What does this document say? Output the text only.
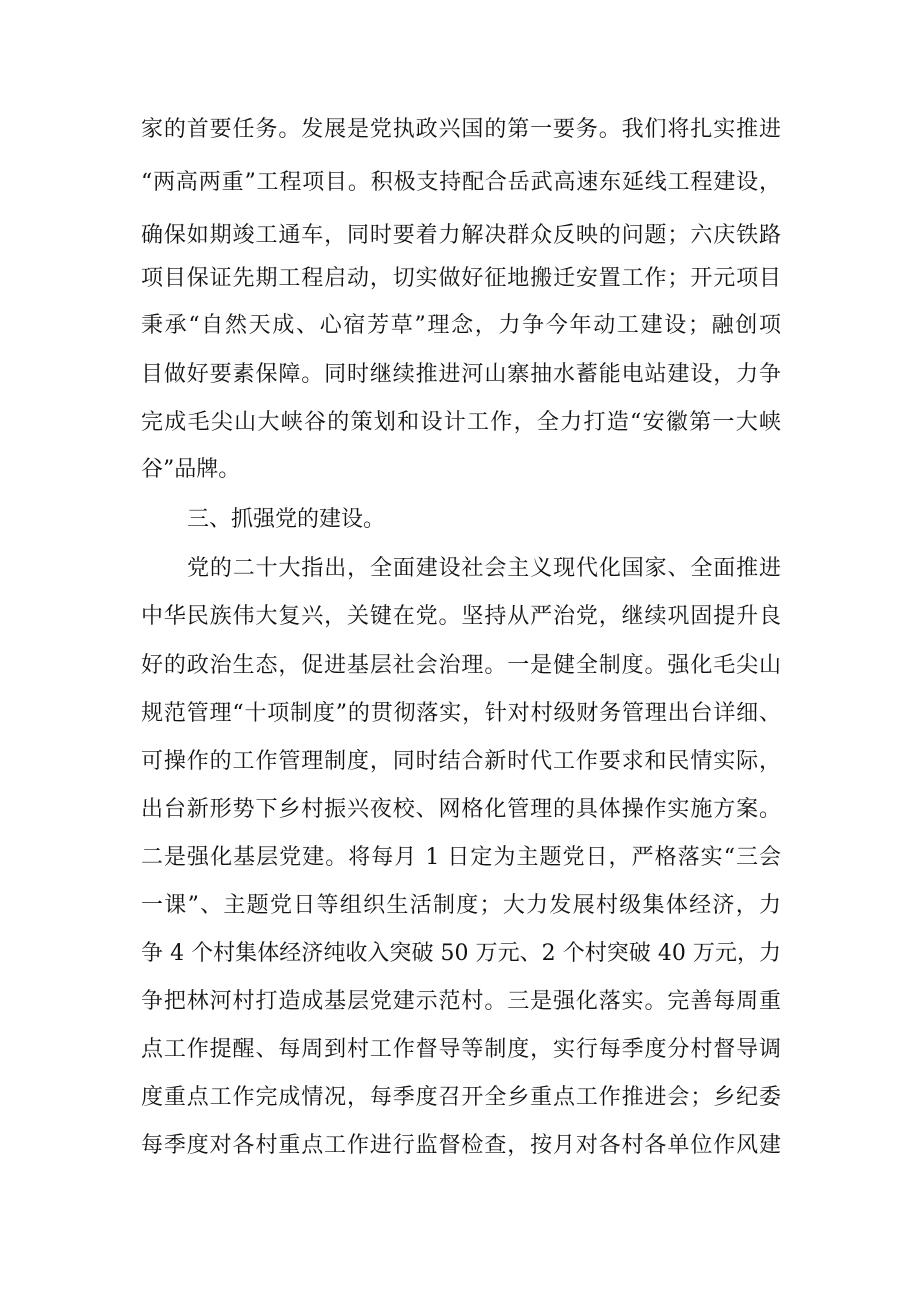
家的首要任务。发展是党执政兴国的第一要务。我们将扎实推进
“两高两重”工程项目。积极支持配合岳武高速东延线工程建设，
确保如期竣工通车，同时要着力解决群众反映的问题；六庆铁路
项目保证先期工程启动，切实做好征地搬迁安置工作；开元项目
秉承“自然天成、心宿芳草”理念，力争今年动工建设；融创项
目做好要素保障。同时继续推进河山寨抽水蓄能电站建设，力争
完成毛尖山大峡谷的策划和设计工作，全力打造“安徽第一大峡
谷”品牌。
三、抓强党的建设。
党的二十大指出，全面建设社会主义现代化国家、全面推进
中华民族伟大复兴，关键在党。坚持从严治党，继续巩固提升良
好的政治生态，促进基层社会治理。一是健全制度。强化毛尖山
规范管理“十项制度”的贯彻落实，针对村级财务管理出台详细、
可操作的工作管理制度，同时结合新时代工作要求和民情实际，
出台新形势下乡村振兴夜校、网格化管理的具体操作实施方案。
二是强化基层党建。将每月 1 日定为主题党日，严格落实“三会
一课”、主题党日等组织生活制度；大力发展村级集体经济，力
争 4 个村集体经济纯收入突破 50 万元、2 个村突破 40 万元，力
争把林河村打造成基层党建示范村。三是强化落实。完善每周重
点工作提醒、每周到村工作督导等制度，实行每季度分村督导调
度重点工作完成情况，每季度召开全乡重点工作推进会；乡纪委
每季度对各村重点工作进行监督检查，按月对各村各单位作风建
